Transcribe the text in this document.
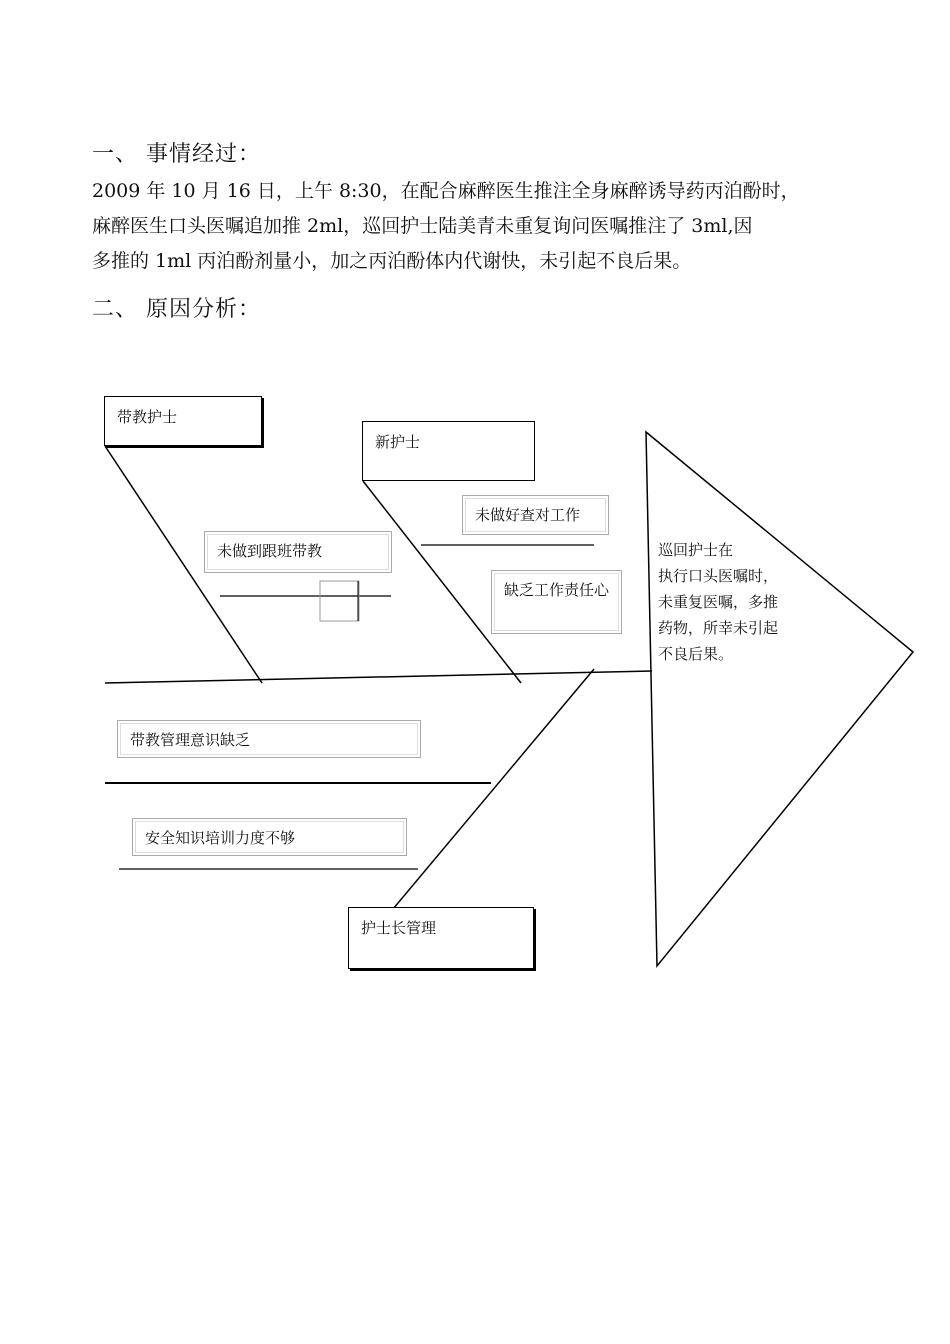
一、 事情经过：
2009 年 10 月 16 日，上午 8:30，在配合麻醉医生推注全身麻醉诱导药丙泊酚时，
麻醉医生口头医嘱追加推 2ml，巡回护士陆美青未重复询问医嘱推注了 3ml,因
多推的 1ml 丙泊酚剂量小，加之丙泊酚体内代谢快，未引起不良后果。
二、 原因分析：
带教护士
新护士
护士长管理
未做到跟班带教
未做好查对工作
缺乏工作责任心
带教管理意识缺乏
安全知识培训力度不够
巡回护士在
执行口头医嘱时，
未重复医嘱，多推
药物，所幸未引起
不良后果。
